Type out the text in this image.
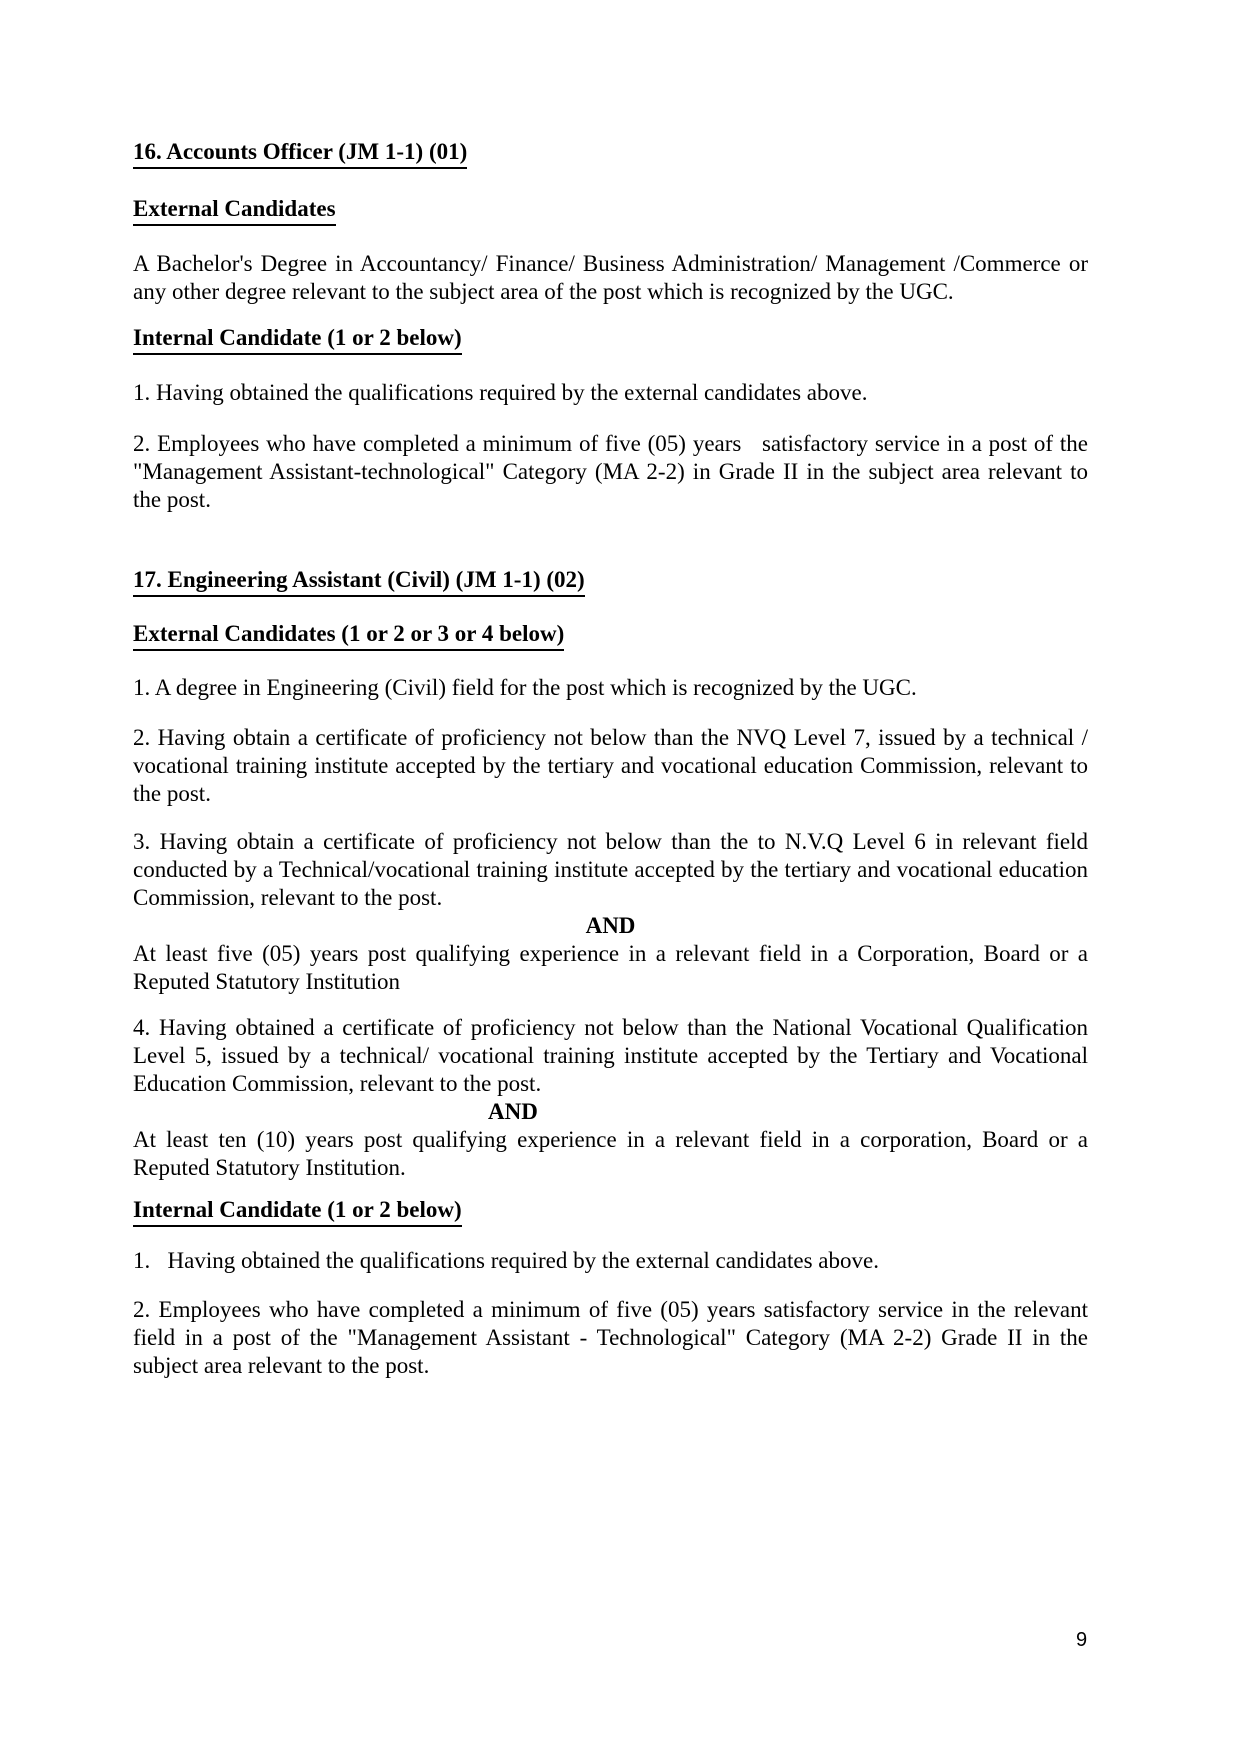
16. Accounts Officer (JM 1-1) (01)
External Candidates

A Bachelor's Degree in Accountancy/ Finance/ Business Administration/ Management /Commerce or any other degree relevant to the subject area of the post which is recognized by the UGC.

Internal Candidate (1 or 2 below)

1. Having obtained the qualifications required by the external candidates above.

2. Employees who have completed a minimum of five (05) years   satisfactory service in a post of the "Management Assistant-technological" Category (MA 2-2) in Grade II in the subject area relevant to the post.

17. Engineering Assistant (Civil) (JM 1-1) (02)
External Candidates (1 or 2 or 3 or 4 below)

1. A degree in Engineering (Civil) field for the post which is recognized by the UGC.

2. Having obtain a certificate of proficiency not below than the NVQ Level 7, issued by a technical / vocational training institute accepted by the tertiary and vocational education Commission, relevant to the post.

3. Having obtain a certificate of proficiency not below than the to N.V.Q Level 6 in relevant field conducted by a Technical/vocational training institute accepted by the tertiary and vocational education Commission, relevant to the post.

AND

At least five (05) years post qualifying experience in a relevant field in a Corporation, Board or a Reputed Statutory Institution

4. Having obtained a certificate of proficiency not below than the National Vocational Qualification Level 5, issued by a technical/ vocational training institute accepted by the Tertiary and Vocational Education Commission, relevant to the post.

AND

At least ten (10) years post qualifying experience in a relevant field in a corporation, Board or a Reputed Statutory Institution.

Internal Candidate (1 or 2 below)

1.   Having obtained the qualifications required by the external candidates above.

2. Employees who have completed a minimum of five (05) years satisfactory service in the relevant field in a post of the "Management Assistant - Technological" Category (MA 2-2) Grade II in the subject area relevant to the post.

9
